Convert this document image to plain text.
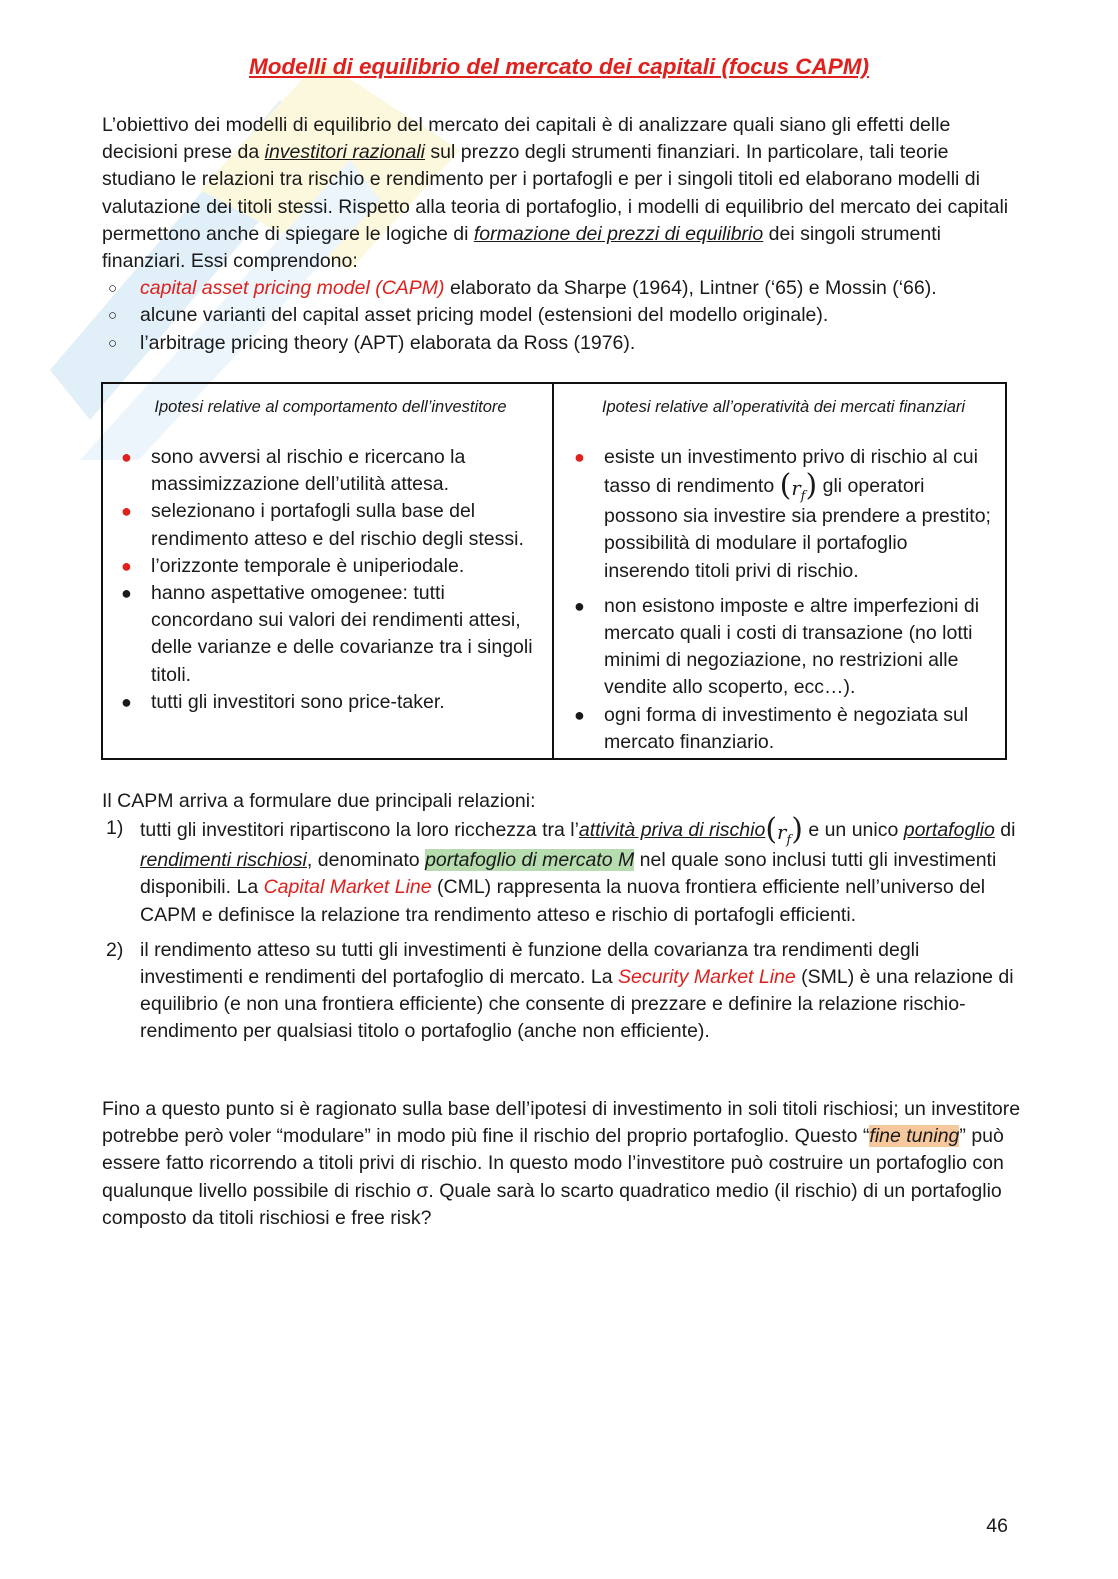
Modelli di equilibrio del mercato dei capitali (focus CAPM)
L’obiettivo dei modelli di equilibrio del mercato dei capitali è di analizzare quali siano gli effetti delle decisioni prese da investitori razionali sul prezzo degli strumenti finanziari. In particolare, tali teorie studiano le relazioni tra rischio e rendimento per i portafogli e per i singoli titoli ed elaborano modelli di valutazione dei titoli stessi. Rispetto alla teoria di portafoglio, i modelli di equilibrio del mercato dei capitali permettono anche di spiegare le logiche di formazione dei prezzi di equilibrio dei singoli strumenti finanziari. Essi comprendono:
○ capital asset pricing model (CAPM) elaborato da Sharpe (1964), Lintner (‘65) e Mossin (‘66).
○ alcune varianti del capital asset pricing model (estensioni del modello originale).
○ l’arbitrage pricing theory (APT) elaborata da Ross (1976).
Ipotesi relative al comportamento dell’investitore
● sono avversi al rischio e ricercano la massimizzazione dell’utilità attesa.
● selezionano i portafogli sulla base del rendimento atteso e del rischio degli stessi.
● l’orizzonte temporale è uniperiodale.
● hanno aspettative omogenee: tutti concordano sui valori dei rendimenti attesi, delle varianze e delle covarianze tra i singoli titoli.
● tutti gli investitori sono price-taker.
Ipotesi relative all’operatività dei mercati finanziari
● esiste un investimento privo di rischio al cui tasso di rendimento $(r_f)$ gli operatori possono sia investire sia prendere a prestito; possibilità di modulare il portafoglio inserendo titoli privi di rischio.
● non esistono imposte e altre imperfezioni di mercato quali i costi di transazione (no lotti minimi di negoziazione, no restrizioni alle vendite allo scoperto, ecc…).
● ogni forma di investimento è negoziata sul mercato finanziario.
Il CAPM arriva a formulare due principali relazioni:
1) tutti gli investitori ripartiscono la loro ricchezza tra l’attività priva di $rischio(r_f)$ e un unico portafoglio di rendimenti rischiosi, denominato portafoglio di mercato M nel quale sono inclusi tutti gli investimenti disponibili. La Capital Market Line (CML) rappresenta la nuova frontiera efficiente nell’universo del CAPM e definisce la relazione tra rendimento atteso e rischio di portafogli efficienti.
2) il rendimento atteso su tutti gli investimenti è funzione della covarianza tra rendimenti degli investimenti e rendimenti del portafoglio di mercato. La Security Market Line (SML) è una relazione di equilibrio (e non una frontiera efficiente) che consente di prezzare e definire la relazione rischio-rendimento per qualsiasi titolo o portafoglio (anche non efficiente).
Fino a questo punto si è ragionato sulla base dell’ipotesi di investimento in soli titoli rischiosi; un investitore potrebbe però voler “modulare” in modo più fine il rischio del proprio portafoglio. Questo “fine tuning” può essere fatto ricorrendo a titoli privi di rischio. In questo modo l’investitore può costruire un portafoglio con qualunque livello possibile di rischio σ. Quale sarà lo scarto quadratico medio (il rischio) di un portafoglio composto da titoli rischiosi e free risk?
46
